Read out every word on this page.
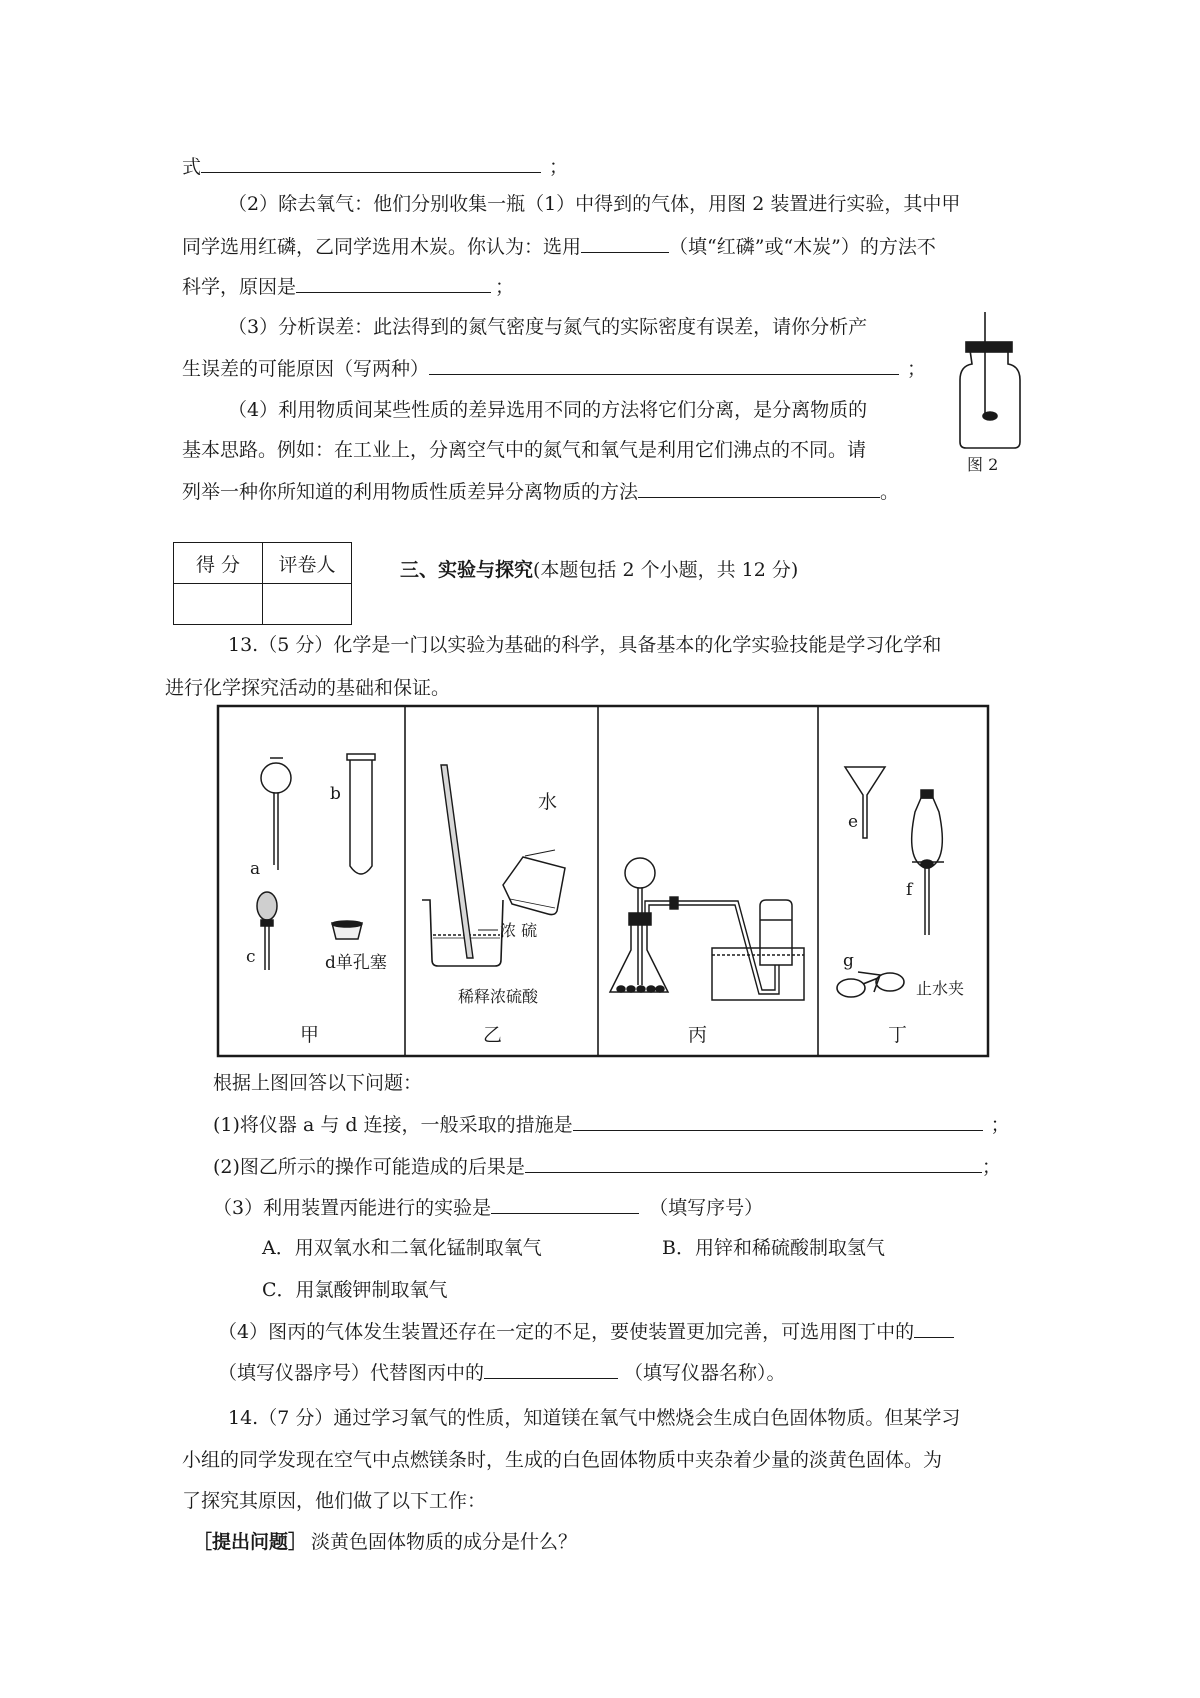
式	；
（2）除去氧气：他们分别收集一瓶（1）中得到的气体，用图 2 装置进行实验，其中甲
同学选用红磷，乙同学选用木炭。你认为：选用	（填“红磷”或“木炭”）的方法不
科学，原因是	；
（3）分析误差：此法得到的氮气密度与氮气的实际密度有误差，请你分析产
生误差的可能原因（写两种）	；
（4）利用物质间某些性质的差异选用不同的方法将它们分离，是分离物质的
基本思路。例如：在工业上，分离空气中的氮气和氧气是利用它们沸点的不同。请
列举一种你所知道的利用物质性质差异分离物质的方法	。
得 分	评卷人
		三、实验与探究(本题包括 2 个小题，共 12 分)
13.（5 分）化学是一门以实验为基础的科学，具备基本的化学实验技能是学习化学和
进行化学探究活动的基础和保证。
根据上图回答以下问题：
(1)将仪器 a 与 d 连接，一般采取的措施是	；
(2)图乙所示的操作可能造成的后果是	；
（3）利用装置丙能进行的实验是	（填写序号）
A．用双氧水和二氧化锰制取氧气	B．用锌和稀硫酸制取氢气
C．用氯酸钾制取氧气
（4）图丙的气体发生装置还存在一定的不足，要使装置更加完善，可选用图丁中的
（填写仪器序号）代替图丙中的	（填写仪器名称）。
14.（7 分）通过学习氧气的性质，知道镁在氧气中燃烧会生成白色固体物质。但某学习
小组的同学发现在空气中点燃镁条时，生成的白色固体物质中夹杂着少量的淡黄色固体。为
了探究其原因，他们做了以下工作：
［提出问题］ 淡黄色固体物质的成分是什么？
图 2
a
b
c	d单孔塞
甲
水
浓 硫
稀释浓硫酸
乙	丙
e
f
g
止水夹
丁
